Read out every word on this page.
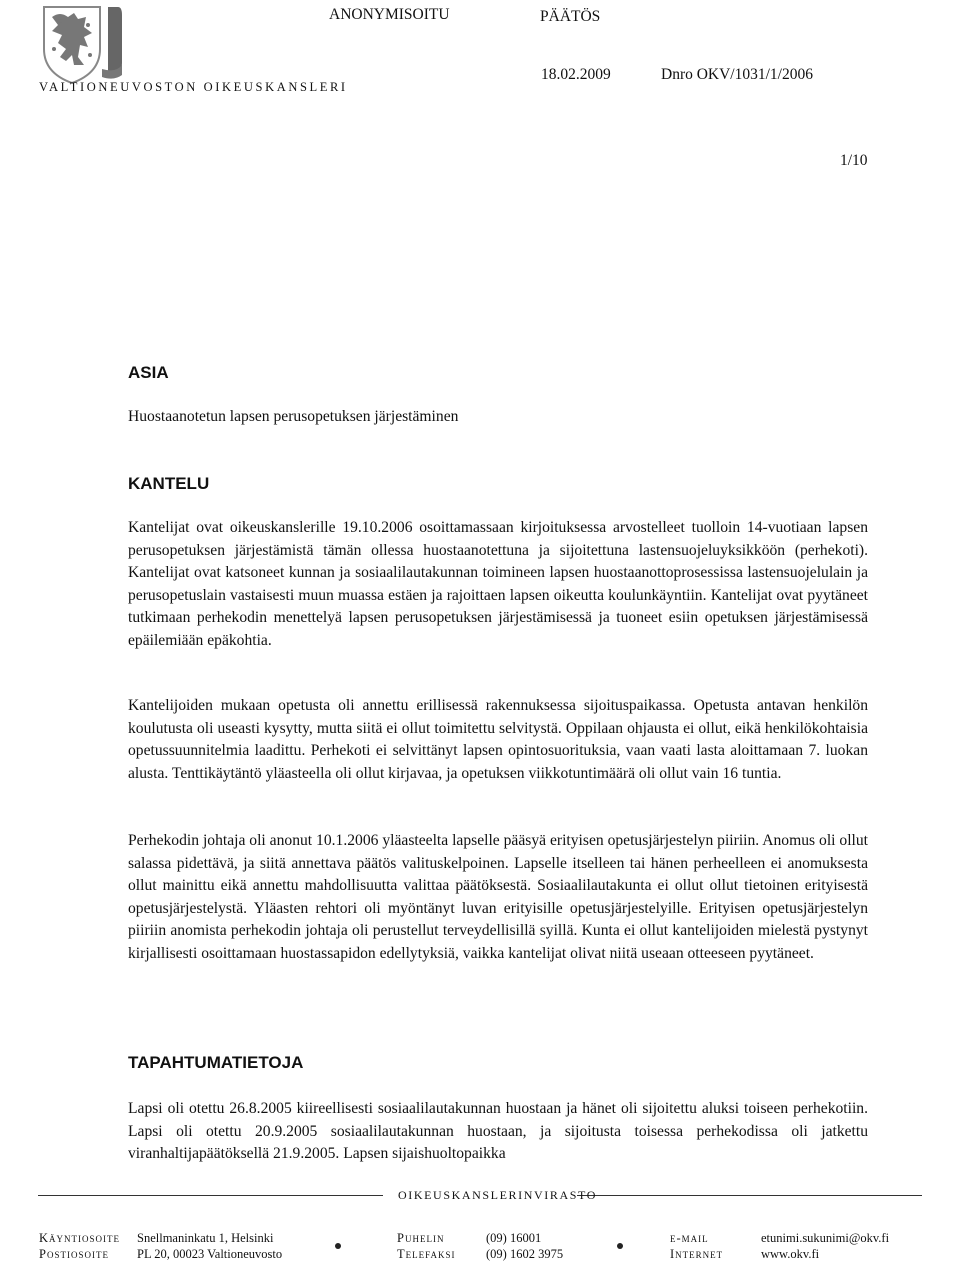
ANONYMISOITU	PÄÄTÖS
VALTIONEUVOSTON OIKEUSKANSLERI
18.02.2009	Dnro OKV/1031/1/2006
1/10
ASIA

Huostaanotetun lapsen perusopetuksen järjestäminen

KANTELU

Kantelijat ovat oikeuskanslerille 19.10.2006 osoittamassaan kirjoituksessa arvostelleet tuolloin 14-vuotiaan lapsen perusopetuksen järjestämistä tämän ollessa huostaanotettuna ja sijoitettuna lastensuojeluyksikköön (perhekoti). Kantelijat ovat katsoneet kunnan ja sosiaalilautakunnan toimineen lapsen huostaanottoprosessissa lastensuojelulain ja perusopetuslain vastaisesti muun muassa estäen ja rajoittaen lapsen oikeutta koulunkäyntiin. Kantelijat ovat pyytäneet tutkimaan perhekodin menettelyä lapsen perusopetuksen järjestämisessä ja tuoneet esiin opetuksen järjestämisessä epäilemiään epäkohtia.

Kantelijoiden mukaan opetusta oli annettu erillisessä rakennuksessa sijoituspaikassa. Opetusta antavan henkilön koulutusta oli useasti kysytty, mutta siitä ei ollut toimitettu selvitystä. Oppilaan ohjausta ei ollut, eikä henkilökohtaisia opetussuunnitelmia laadittu. Perhekoti ei selvittänyt lapsen opintosuorituksia, vaan vaati lasta aloittamaan 7. luokan alusta. Tenttikäytäntö yläasteella oli ollut kirjavaa, ja opetuksen viikkotuntimäärä oli ollut vain 16 tuntia.

Perhekodin johtaja oli anonut 10.1.2006 yläasteelta lapselle pääsyä erityisen opetusjärjestelyn piiriin. Anomus oli ollut salassa pidettävä, ja siitä annettava päätös valituskelpoinen. Lapselle itselleen tai hänen perheelleen ei anomuksesta ollut mainittu eikä annettu mahdollisuutta valittaa päätöksestä. Sosiaalilautakunta ei ollut ollut tietoinen erityisestä opetusjärjestelystä. Yläasten rehtori oli myöntänyt luvan erityisille opetusjärjestelyille. Erityisen opetusjärjestelyn piiriin anomista perhekodin johtaja oli perustellut terveydellisillä syillä. Kunta ei ollut kantelijoiden mielestä pystynyt kirjallisesti osoittamaan huostassapidon edellytyksiä, vaikka kantelijat olivat niitä useaan otteeseen pyytäneet.

TAPAHTUMATIETOJA

Lapsi oli otettu 26.8.2005 kiireellisesti sosiaalilautakunnan huostaan ja hänet oli sijoitettu aluksi toiseen perhekotiin. Lapsi oli otettu 20.9.2005 sosiaalilautakunnan huostaan, ja sijoitusta toisessa perhekodissa oli jatkettu viranhaltijapäätöksellä 21.9.2005. Lapsen sijaishuoltopaikka

OIKEUSKANSLERINVIRASTO
Käyntiosoite Snellmaninkatu 1, Helsinki
Postiosoite PL 20, 00023 Valtioneuvosto
Puhelin	(09) 16001
Telefaksi (09) 1602 3975
e-mail	etunimi.sukunimi@okv.fi
Internet	www.okv.fi
